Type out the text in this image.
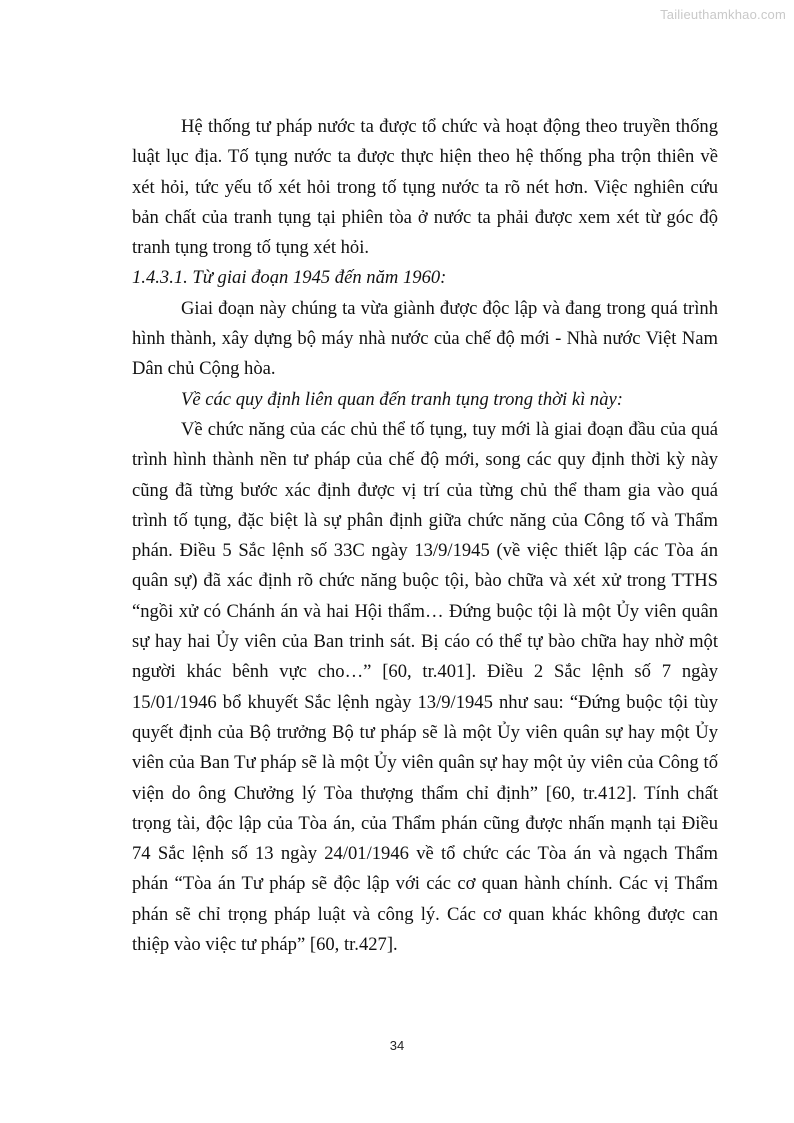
Tailieuthamkhao.com

Hệ thống tư pháp nước ta được tổ chức và hoạt động theo truyền thống luật lục địa. Tố tụng nước ta được thực hiện theo hệ thống pha trộn thiên về xét hỏi, tức yếu tố xét hỏi trong tố tụng nước ta rõ nét hơn. Việc nghiên cứu bản chất của tranh tụng tại phiên tòa ở nước ta phải được xem xét từ góc độ tranh tụng trong tố tụng xét hỏi.

1.4.3.1. Từ giai đoạn 1945 đến năm 1960:

Giai đoạn này chúng ta vừa giành được độc lập và đang trong quá trình hình thành, xây dựng bộ máy nhà nước của chế độ mới - Nhà nước Việt Nam Dân chủ Cộng hòa.

Về các quy định liên quan đến tranh tụng trong thời kì này:

Về chức năng của các chủ thể tố tụng, tuy mới là giai đoạn đầu của quá trình hình thành nền tư pháp của chế độ mới, song các quy định thời kỳ này cũng đã từng bước xác định được vị trí của từng chủ thể tham gia vào quá trình tố tụng, đặc biệt là sự phân định giữa chức năng của Công tố và Thẩm phán. Điều 5 Sắc lệnh số 33C ngày 13/9/1945 (về việc thiết lập các Tòa án quân sự) đã xác định rõ chức năng buộc tội, bào chữa và xét xử trong TTHS “ngồi xử có Chánh án và hai Hội thẩm… Đứng buộc tội là một Ủy viên quân sự hay hai Ủy viên của Ban trinh sát. Bị cáo có thể tự bào chữa hay nhờ một người khác bênh vực cho…” [60, tr.401]. Điều 2 Sắc lệnh số 7 ngày 15/01/1946 bổ khuyết Sắc lệnh ngày 13/9/1945 như sau: “Đứng buộc tội tùy quyết định của Bộ trưởng Bộ tư pháp sẽ là một Ủy viên quân sự hay một Ủy viên của Ban Tư pháp sẽ là một Ủy viên quân sự hay một ủy viên của Công tố viện do ông Chưởng lý Tòa thượng thẩm chỉ định” [60, tr.412]. Tính chất trọng tài, độc lập của Tòa án, của Thẩm phán cũng được nhấn mạnh tại Điều 74 Sắc lệnh số 13 ngày 24/01/1946 về tổ chức các Tòa án và ngạch Thẩm phán “Tòa án Tư pháp sẽ độc lập với các cơ quan hành chính. Các vị Thẩm phán sẽ chỉ trọng pháp luật và công lý. Các cơ quan khác không được can thiệp vào việc tư pháp” [60, tr.427].

34
